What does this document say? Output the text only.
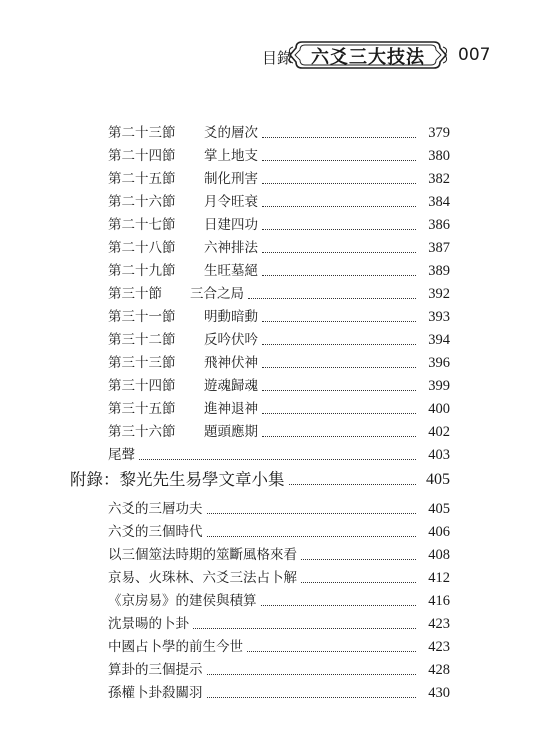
目錄	六爻三大技法	007
第二十三節 爻的層次	379
第二十四節 掌上地支	380
第二十五節 制化刑害	382
第二十六節 月令旺衰	384
第二十七節 日建四功	386
第二十八節 六神排法	387
第二十九節 生旺墓絕	389
第三十節 三合之局	392
第三十一節 明動暗動	393
第三十二節 反吟伏吟	394
第三十三節 飛神伏神	396
第三十四節 遊魂歸魂	399
第三十五節 進神退神	400
第三十六節 題頭應期	402
尾聲	403
附錄：黎光先生易學文章小集	405
六爻的三層功夫	405
六爻的三個時代	406
以三個筮法時期的筮斷風格來看	408
京易、火珠林、六爻三法占卜解	412
《京房易》的建侯與積算	416
沈景暘的卜卦	423
中國占卜學的前生今世	423
算卦的三個提示	428
孫權卜卦殺關羽	430
